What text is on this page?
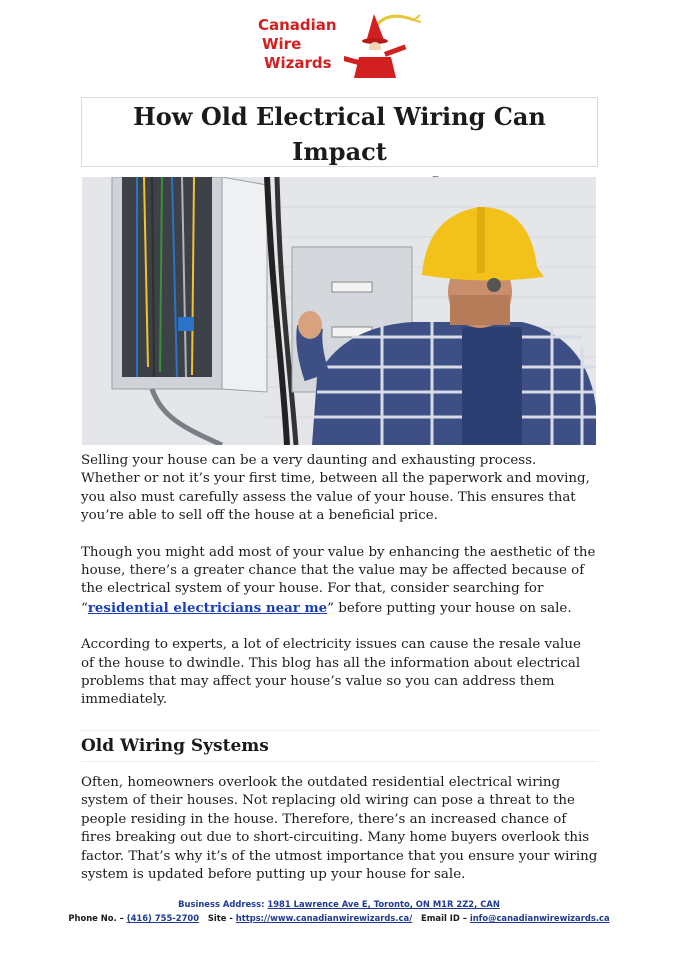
Canadian
Wire
Wizards
How Old Electrical Wiring Can Impact

Selling your house can be a very daunting and exhausting process. Whether or not it’s your first time, between all the paperwork and moving, you also must carefully assess the value of your house. This ensures that you’re able to sell off the house at a beneficial price.

Though you might add most of your value by enhancing the aesthetic of the house, there’s a greater chance that the value may be affected because of the electrical system of your house. For that, consider searching for “residential electricians near me” before putting your house on sale.

According to experts, a lot of electricity issues can cause the resale value of the house to dwindle. This blog has all the information about electrical problems that may affect your house’s value so you can address them immediately.

Old Wiring Systems

Often, homeowners overlook the outdated residential electrical wiring system of their houses. Not replacing old wiring can pose a threat to the people residing in the house. Therefore, there’s an increased chance of fires breaking out due to short-circuiting. Many home buyers overlook this factor. That’s why it’s of the utmost importance that you ensure your wiring system is updated before putting up your house for sale.

Business Address: 1981 Lawrence Ave E, Toronto, ON M1R 2Z2, CAN
Phone No. – (416) 755-2700 Site - https://www.canadianwirewizards.ca/ Email ID – info@canadianwirewizards.ca
